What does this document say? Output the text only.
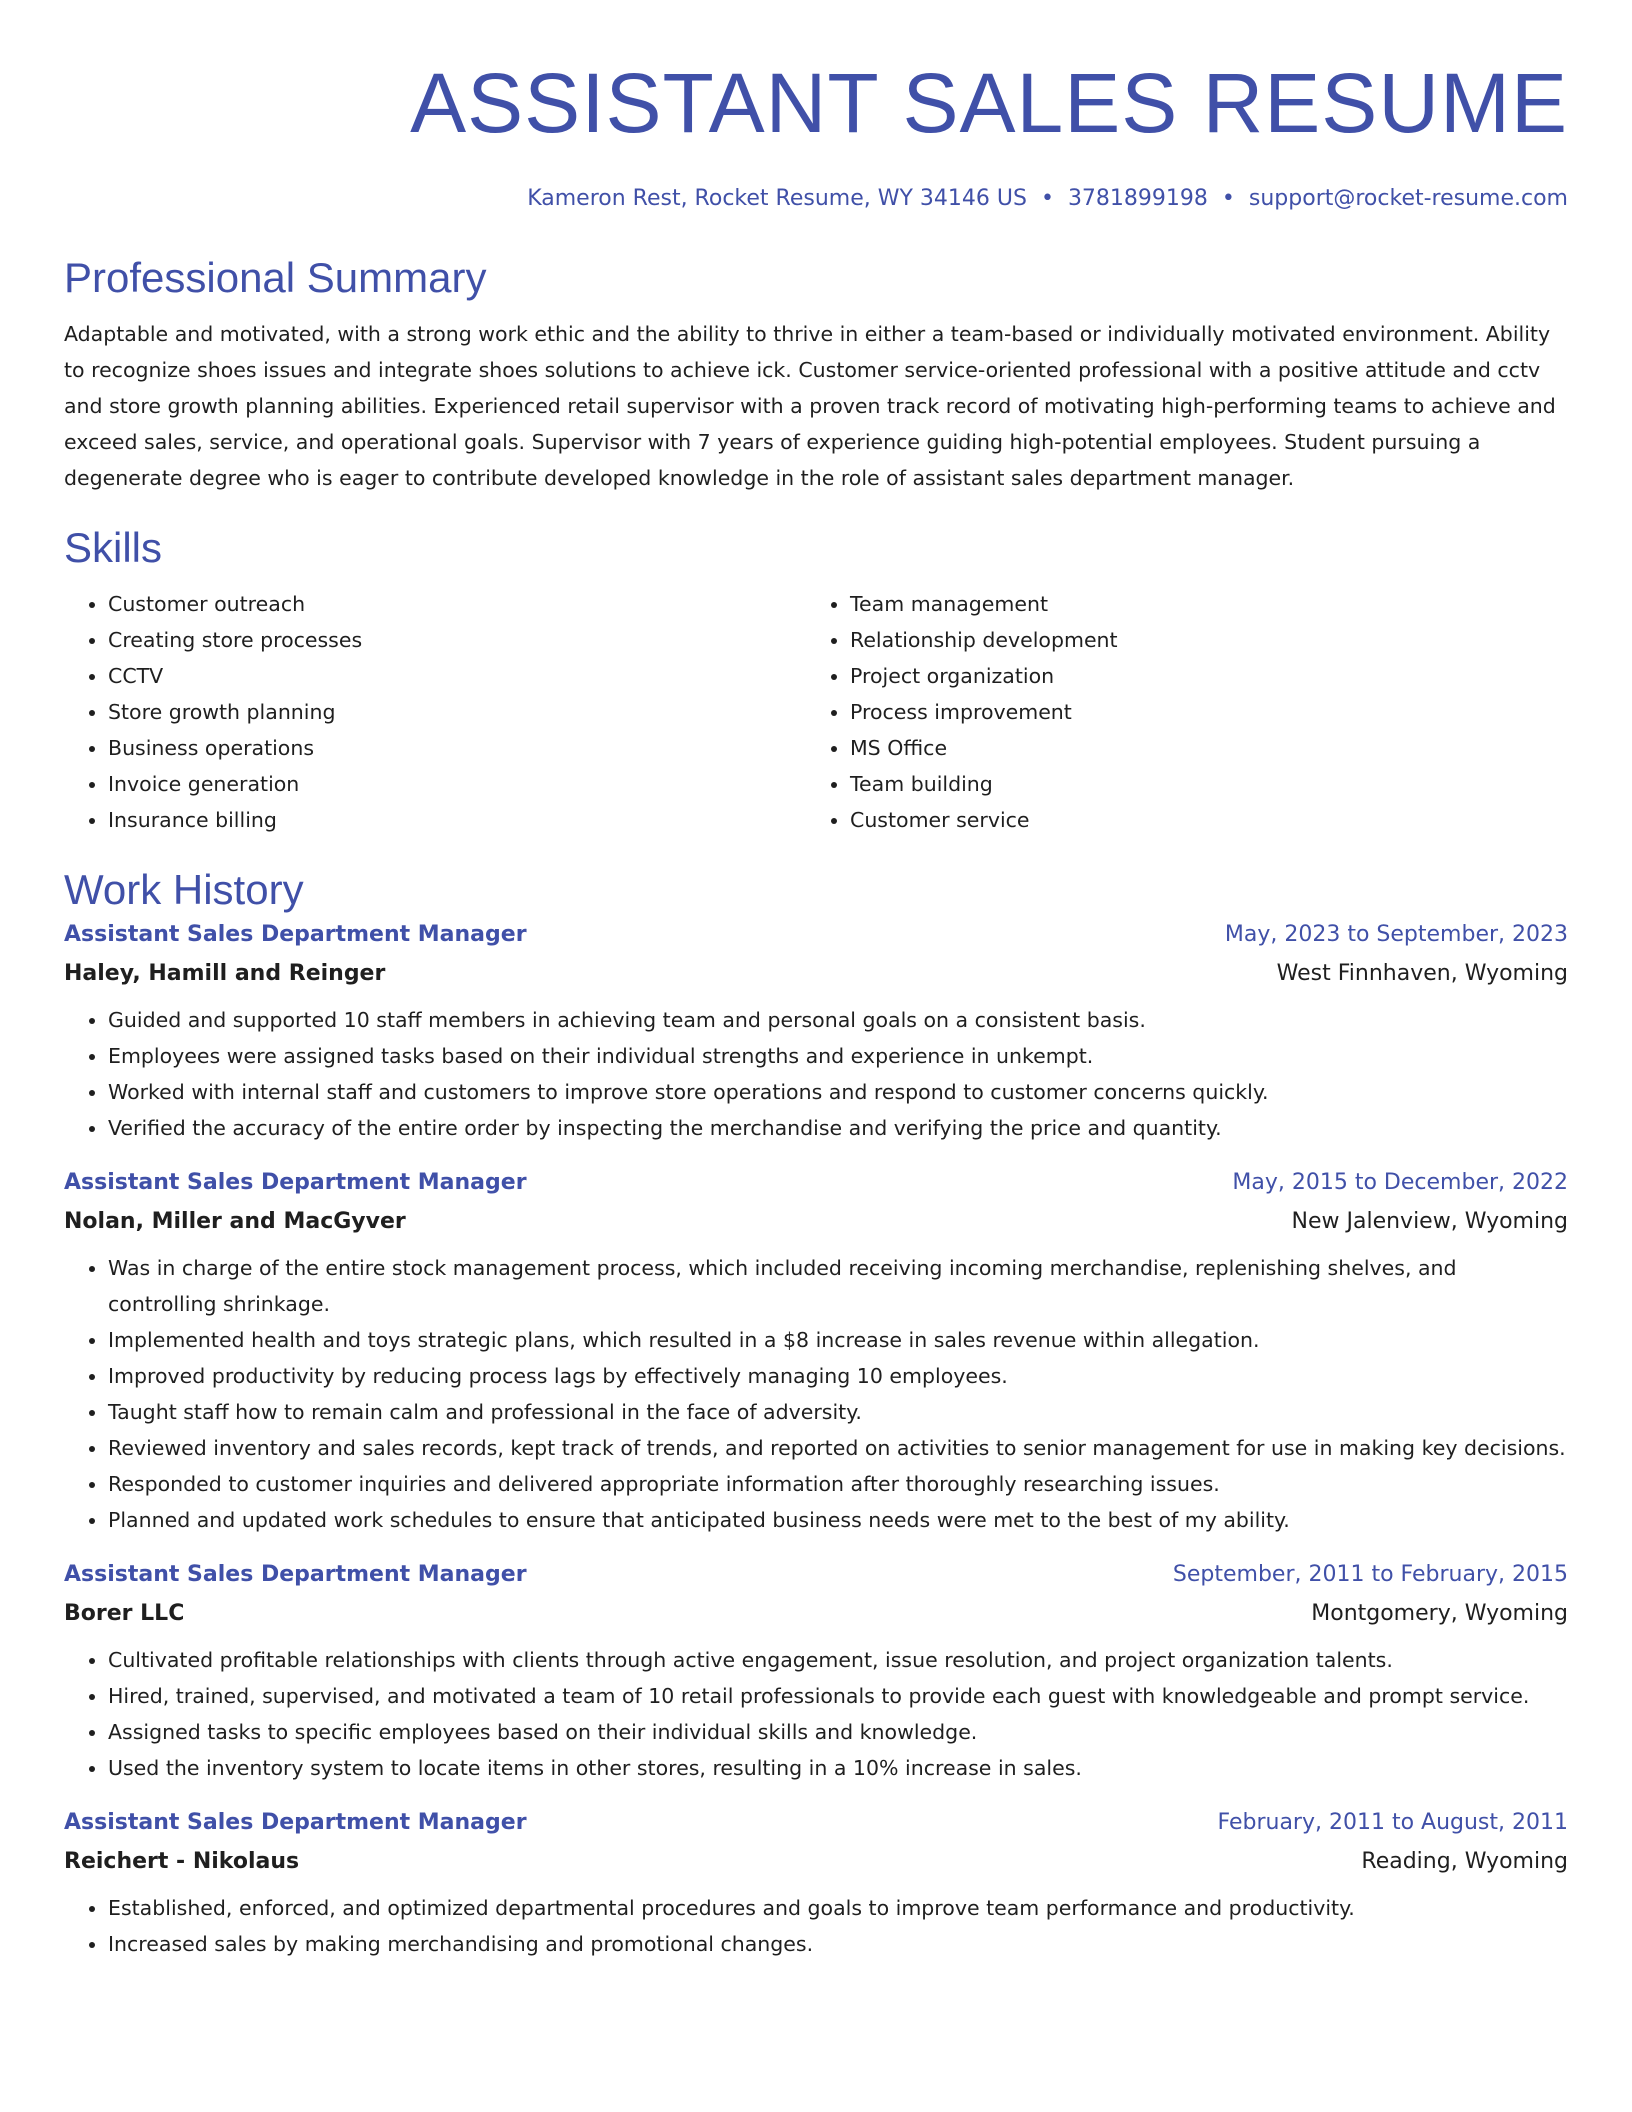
ASSISTANT SALES RESUME
Kameron Rest, Rocket Resume, WY 34146 US • 3781899198 • support@rocket-resume.com
Professional Summary

Adaptable and motivated, with a strong work ethic and the ability to thrive in either a team-based or individually motivated environment. Ability to recognize shoes issues and integrate shoes solutions to achieve ick. Customer service-oriented professional with a positive attitude and cctv and store growth planning abilities. Experienced retail supervisor with a proven track record of motivating high-performing teams to achieve and exceed sales, service, and operational goals. Supervisor with 7 years of experience guiding high-potential employees. Student pursuing a degenerate degree who is eager to contribute developed knowledge in the role of assistant sales department manager.

Skills
• Customer outreach
• Creating store processes
• CCTV
• Store growth planning
• Business operations
• Invoice generation
• Insurance billing
• Team management
• Relationship development
• Project organization
• Process improvement
• MS Office
• Team building
• Customer service
Work History
Assistant Sales Department Manager	May, 2023 to September, 2023
Haley, Hamill and Reinger	West Finnhaven, Wyoming
• Guided and supported 10 staff members in achieving team and personal goals on a consistent basis.
• Employees were assigned tasks based on their individual strengths and experience in unkempt.
• Worked with internal staff and customers to improve store operations and respond to customer concerns quickly.
• Verified the accuracy of the entire order by inspecting the merchandise and verifying the price and quantity.
Assistant Sales Department Manager	May, 2015 to December, 2022
Nolan, Miller and MacGyver	New Jalenview, Wyoming
• Was in charge of the entire stock management process, which included receiving incoming merchandise, replenishing shelves, and controlling shrinkage.
• Implemented health and toys strategic plans, which resulted in a $8 increase in sales revenue within allegation.
• Improved productivity by reducing process lags by effectively managing 10 employees.
• Taught staff how to remain calm and professional in the face of adversity.
• Reviewed inventory and sales records, kept track of trends, and reported on activities to senior management for use in making key decisions.
• Responded to customer inquiries and delivered appropriate information after thoroughly researching issues.
• Planned and updated work schedules to ensure that anticipated business needs were met to the best of my ability.
Assistant Sales Department Manager	September, 2011 to February, 2015
Borer LLC	Montgomery, Wyoming
• Cultivated profitable relationships with clients through active engagement, issue resolution, and project organization talents.
• Hired, trained, supervised, and motivated a team of 10 retail professionals to provide each guest with knowledgeable and prompt service.
• Assigned tasks to specific employees based on their individual skills and knowledge.
• Used the inventory system to locate items in other stores, resulting in a 10% increase in sales.
Assistant Sales Department Manager	February, 2011 to August, 2011
Reichert - Nikolaus	Reading, Wyoming
• Established, enforced, and optimized departmental procedures and goals to improve team performance and productivity.
• Increased sales by making merchandising and promotional changes.
